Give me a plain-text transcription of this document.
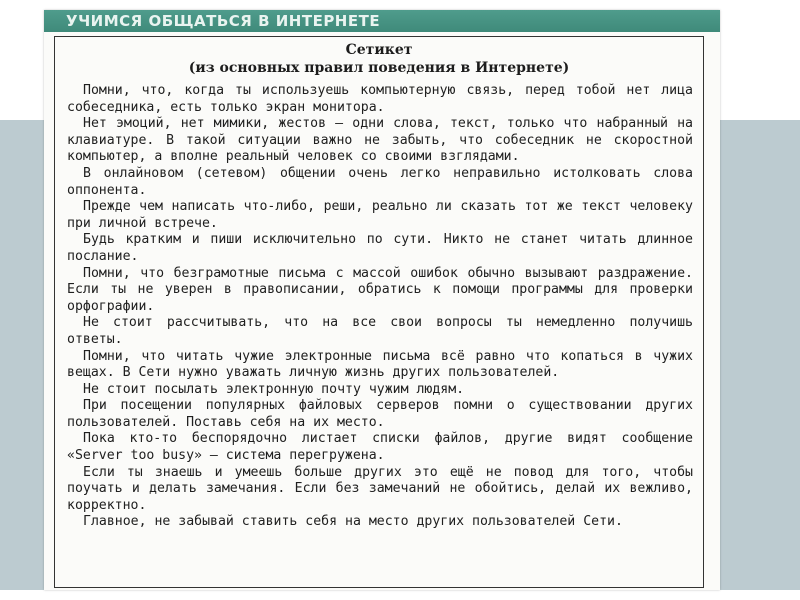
УЧИМСЯ ОБЩАТЬСЯ В ИНТЕРНЕТЕ
Сетикет
(из основных правил поведения в Интернете)

Помни, что, когда ты используешь компьютерную связь, перед тобой нет лица собеседника, есть только экран монитора.

Нет эмоций, нет мимики, жестов — одни слова, текст, только что набранный на клавиатуре. В такой ситуации важно не забыть, что собеседник не скоростной компьютер, а вполне реальный человек со своими взглядами.

В онлайновом (сетевом) общении очень легко неправильно истолковать слова оппонента.

Прежде чем написать что-либо, реши, реально ли сказать тот же текст человеку при личной встрече.

Будь кратким и пиши исключительно по сути. Никто не станет читать длинное послание.

Помни, что безграмотные письма с массой ошибок обычно вызывают раздражение. Если ты не уверен в правописании, обратись к помощи программы для проверки орфографии.

Не стоит рассчитывать, что на все свои вопросы ты немедленно получишь ответы.

Помни, что читать чужие электронные письма всё равно что копаться в чужих вещах. В Сети нужно уважать личную жизнь других пользователей.

Не стоит посылать электронную почту чужим людям.

При посещении популярных файловых серверов помни о существовании других пользователей. Поставь себя на их место.

Пока кто-то беспорядочно листает списки файлов, другие видят сообщение «Server too busy» — система перегружена.

Если ты знаешь и умеешь больше других это ещё не повод для того, чтобы поучать и делать замечания. Если без замечаний не обойтись, делай их вежливо, корректно.

Главное, не забывай ставить себя на место других пользователей Сети.
